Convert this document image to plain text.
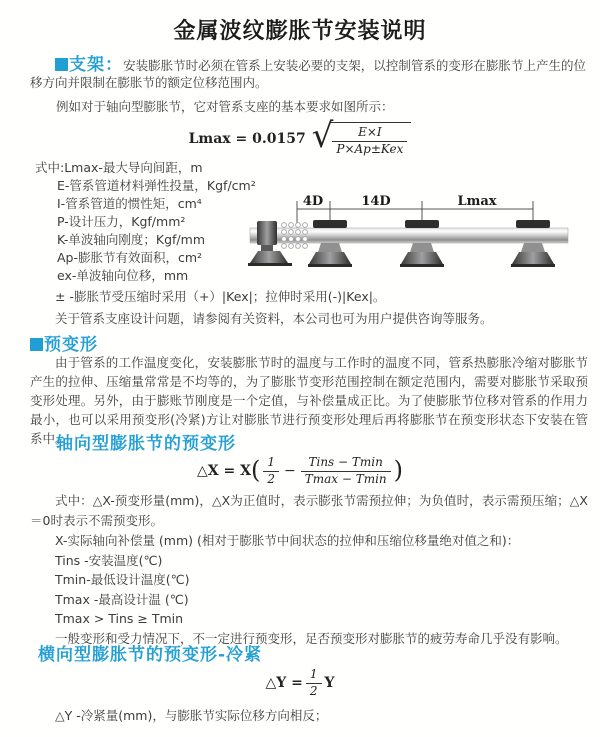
金属波纹膨胀节安装说明
支架：安装膨胀节时必须在管系上安装必要的支架，以控制管系的变形在膨胀节上产生的位移方向并限制在膨胀节的额定位移范围内。
例如对于轴向型膨胀节，它对管系支座的基本要求如图所示：
Lmax = 0.0157 √ $\frac{E\times I}{\text{P×Ap±Kex}}$
式中:Lmax-最大导向间距，m
E-管系管道材料弹性投量，Kgf/cm²
I-管系管道的惯性矩，cm⁴
P-设计压力，Kgf/mm²
K-单波轴向刚度；Kgf/mm
Ap-膨胀节有效面积，cm²
ex-单波轴向位移，mm
± -膨胀节受压缩时采用（+）|Kex|；拉伸时采用(-)|Kex|。
关于管系支座设计问题，请参阅有关资料，本公司也可为用户提供咨询等服务。
4D	14D	Lmax
预变形
由于管系的工作温度变化，安装膨胀节时的温度与工作时的温度不同，管系热膨胀冷缩对膨胀节产生的拉伸、压缩量常常是不均等的，为了膨胀节变形范围控制在额定范围内，需要对膨胀节采取预变形处理。另外，由于膨账节刚度是一个定值，与补偿量成正比。为了使膨胀节位移对管系的作用力最小，也可以采用预变形(冷紧)方让对膨胀节进行预变形处理后再将膨胀节在预变形状态下安装在管系中。
轴向型膨胀节的预变形
△X = X ( $\frac{1}{2} - \frac{\text{Tins − Tmin}}{Tmax - Tmin}$ )
式中：△X-预变形量(mm)，△X为正值时，表示膨张节需预拉伸；为负值时，表示需预压缩；△X＝0时表示不需预变形。
X-实际轴向补偿量 (mm) (相对于膨胀节中间状态的拉伸和压缩位移量绝对值之和)：
Tins -安装温度(℃)
Tmin-最低设计温度(℃)
Tmax -最高设计温 (℃)
Tmax > Tins ≥ Tmin
一般变形和受力情况下，不一定进行预变形，足否预变形对膨胀节的疲劳寿命几乎没有影响。
横向型膨胀节的预变形-冷紧
△Y = $\frac{1}{2}$ Y
△Y -冷紧量(mm)，与膨胀节实际位移方向相反；
